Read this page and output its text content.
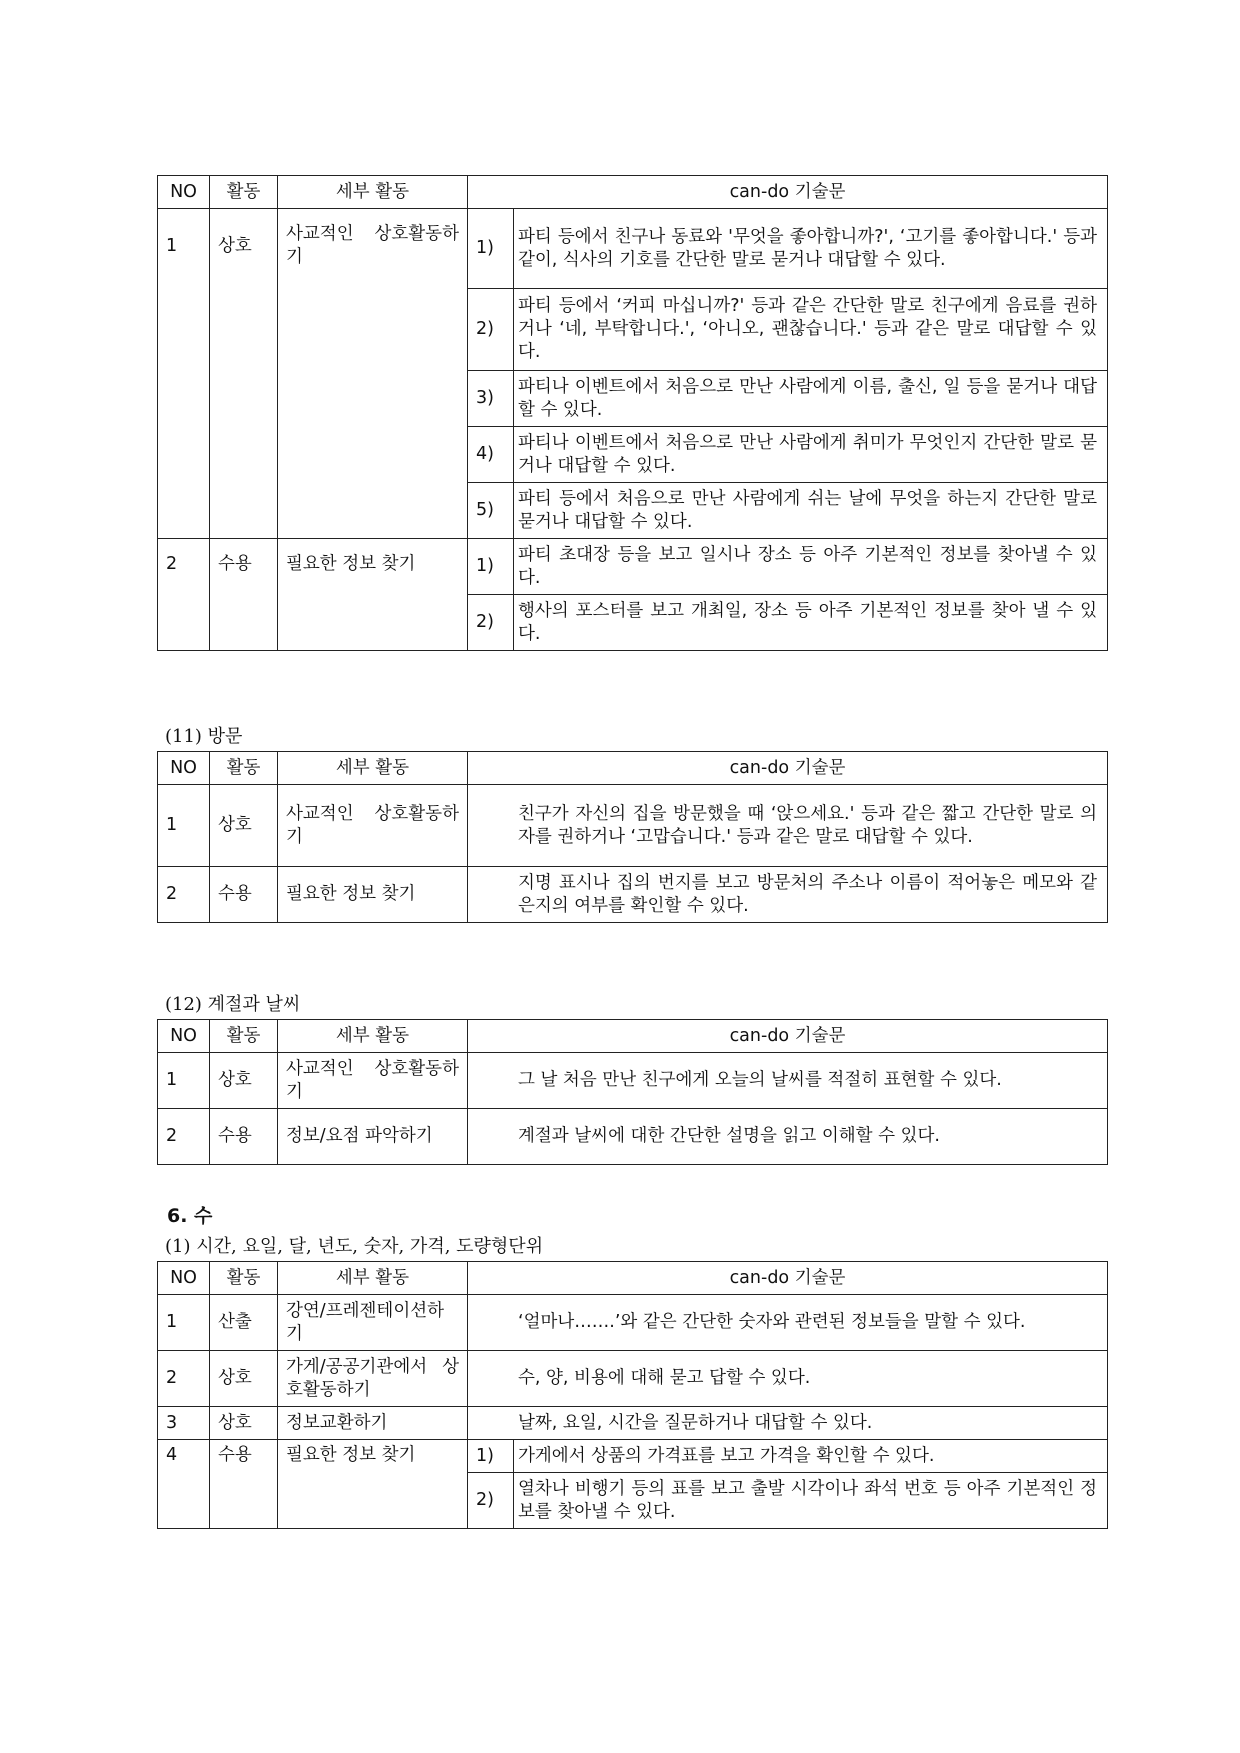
NO	활동	세부 활동	can-do 기술문	
1	상호	사교적인 상호활동하기	1)	파티 등에서 친구나 동료와 '무엇을 좋아합니까?', ‘고기를 좋아합니다.' 등과 같이, 식사의 기호를 간단한 말로 묻거나 대답할 수 있다.
			2)	파티 등에서 ‘커피 마십니까?' 등과 같은 간단한 말로 친구에게 음료를 권하거나 ‘네, 부탁합니다.', ‘아니오, 괜찮습니다.' 등과 같은 말로 대답할 수 있다.
			3)	파티나 이벤트에서 처음으로 만난 사람에게 이름, 출신, 일 등을 묻거나 대답할 수 있다.
			4)	파티나 이벤트에서 처음으로 만난 사람에게 취미가 무엇인지 간단한 말로 묻거나 대답할 수 있다.
			5)	파티 등에서 처음으로 만난 사람에게 쉬는 날에 무엇을 하는지 간단한 말로 묻거나 대답할 수 있다.
2	수용	필요한 정보 찾기	1)	파티 초대장 등을 보고 일시나 장소 등 아주 기본적인 정보를 찾아낼 수 있다.
			2)	행사의 포스터를 보고 개최일, 장소 등 아주 기본적인 정보를 찾아 낼 수 있다.
(11) 방문
NO	활동	세부 활동	can-do 기술문
1	상호	사교적인 상호활동하기	친구가 자신의 집을 방문했을 때 ‘앉으세요.' 등과 같은 짧고 간단한 말로 의자를 권하거나 ‘고맙습니다.' 등과 같은 말로 대답할 수 있다.
2	수용	필요한 정보 찾기	지명 표시나 집의 번지를 보고 방문처의 주소나 이름이 적어놓은 메모와 같은지의 여부를 확인할 수 있다.
(12) 계절과 날씨
NO	활동	세부 활동	can-do 기술문
1	상호	사교적인 상호활동하기	그 날 처음 만난 친구에게 오늘의 날씨를 적절히 표현할 수 있다.
2	수용	정보/요점 파악하기	계절과 날씨에 대한 간단한 설명을 읽고 이해할 수 있다.
6. 수
(1) 시간, 요일, 달, 년도, 숫자, 가격, 도량형단위
NO	활동	세부 활동	can-do 기술문	
1	산출	강연/프레젠테이션하기	‘얼마나…….’와 같은 간단한 숫자와 관련된 정보들을 말할 수 있다.	
2	상호	가게/공공기관에서 상호활동하기	수, 양, 비용에 대해 묻고 답할 수 있다.	
3	상호	정보교환하기	날짜, 요일, 시간을 질문하거나 대답할 수 있다.	
4	수용	필요한 정보 찾기	1)	가게에서 상품의 가격표를 보고 가격을 확인할 수 있다.
			2)	열차나 비행기 등의 표를 보고 출발 시각이나 좌석 번호 등 아주 기본적인 정보를 찾아낼 수 있다.
